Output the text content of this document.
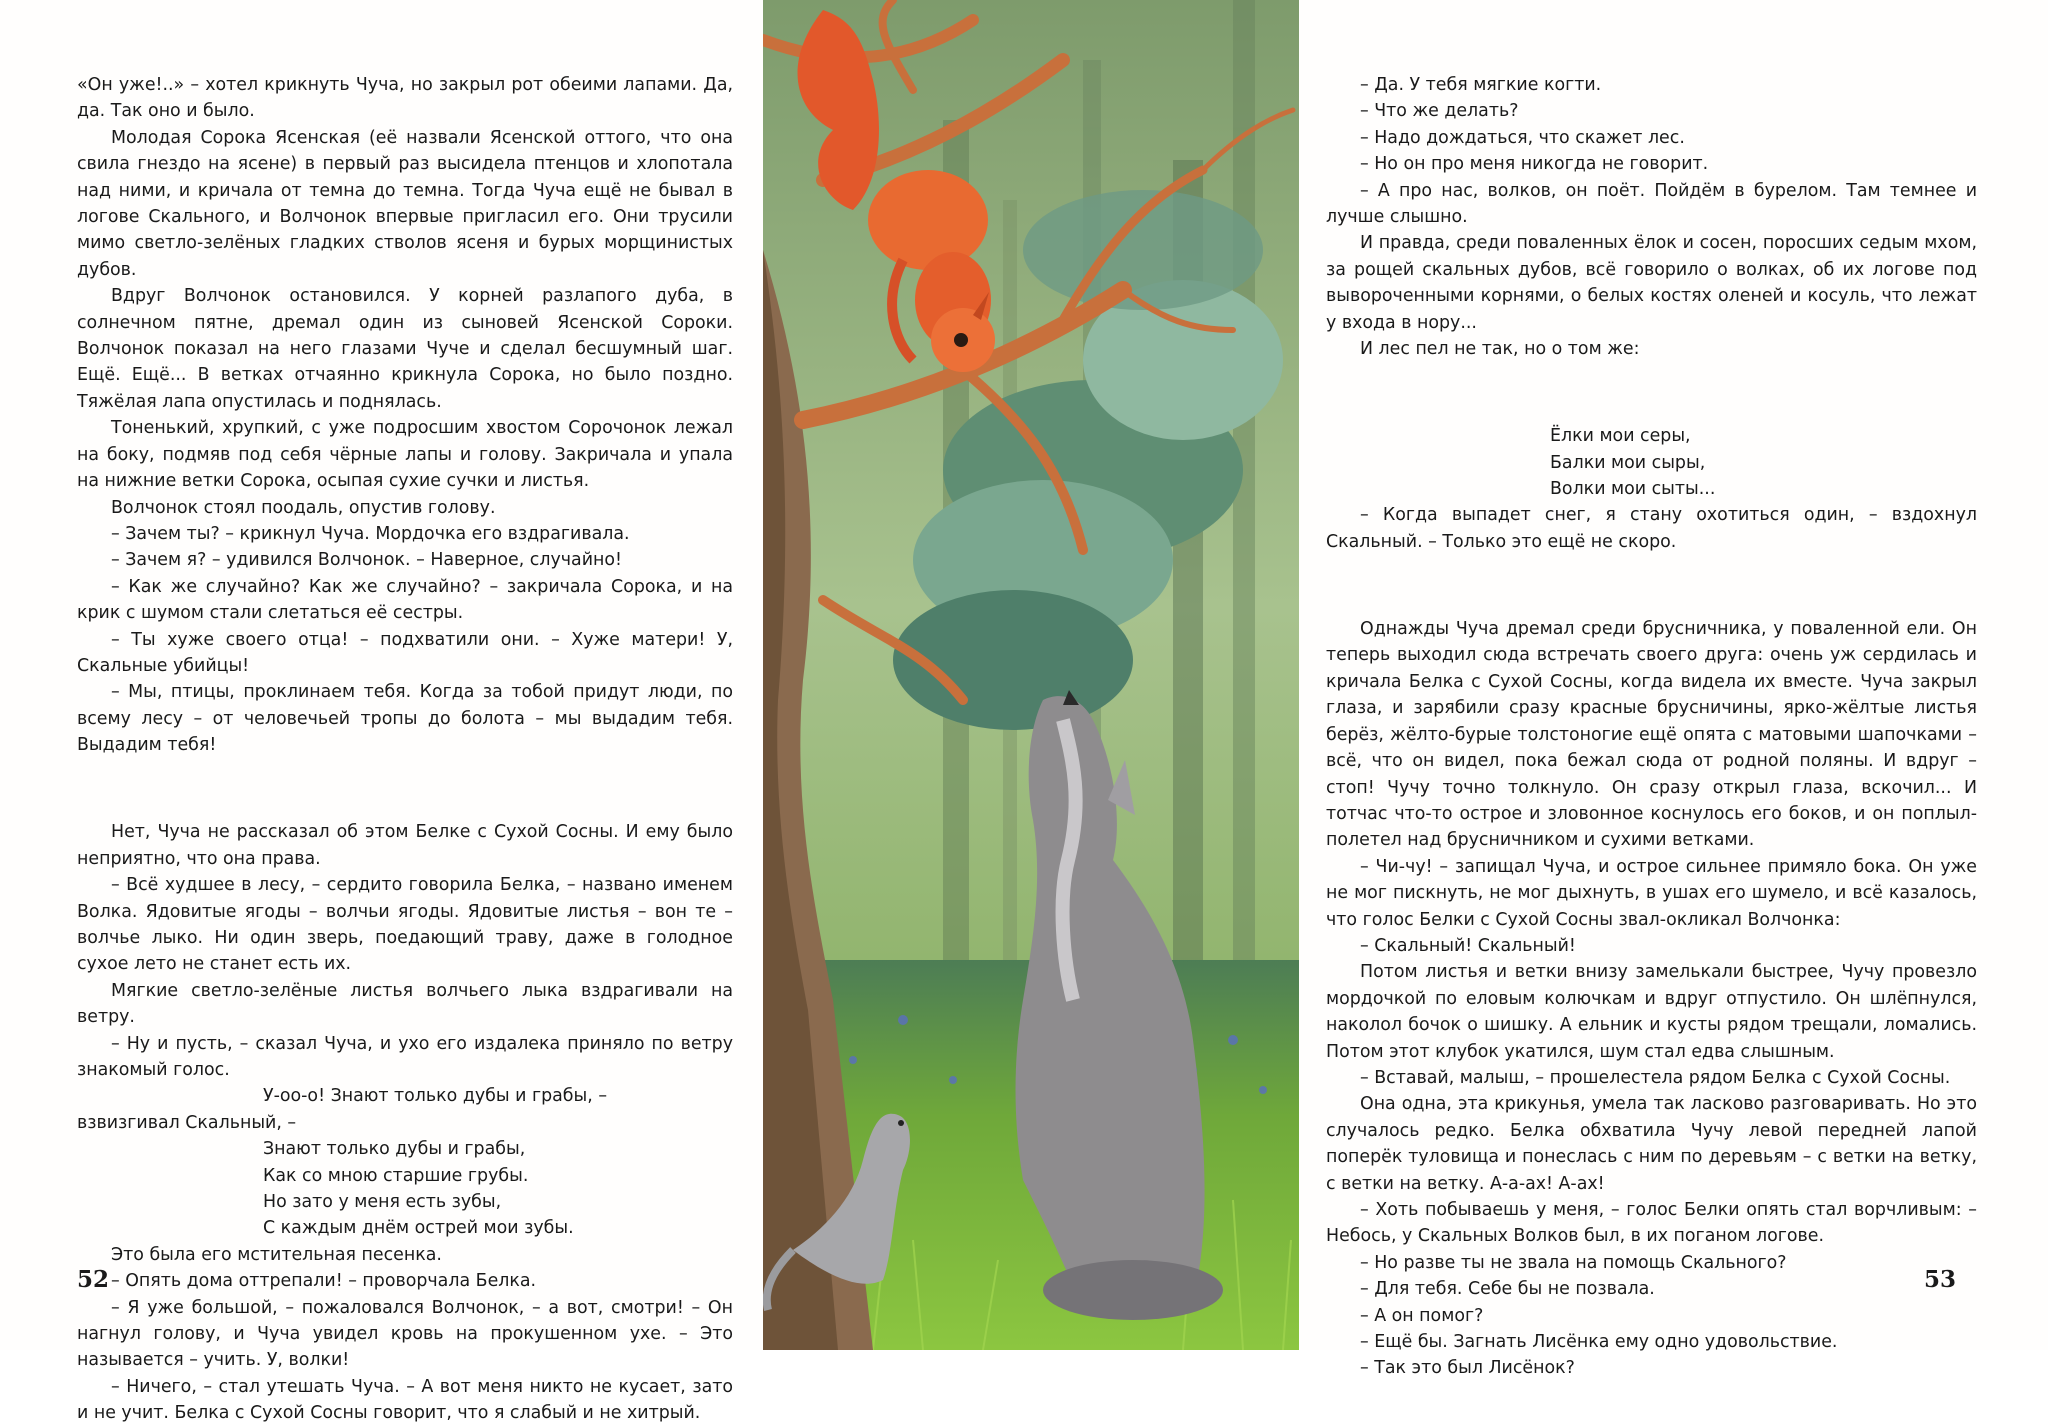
«Он уже!..» – хотел крикнуть Чуча, но закрыл рот обеими лапами. Да, да. Так оно и было.

Молодая Сорока Ясенская (её назвали Ясенской оттого, что она свила гнездо на ясене) в первый раз высидела птенцов и хлопотала над ними, и кричала от темна до темна. Тогда Чуча ещё не бывал в логове Скального, и Волчонок впервые пригласил его. Они трусили мимо светло-зелёных гладких стволов ясеня и бурых морщинистых дубов.

Вдруг Волчонок остановился. У корней разлапого дуба, в солнечном пятне, дремал один из сыновей Ясенской Сороки. Волчонок показал на него глазами Чуче и сделал бесшумный шаг. Ещё. Ещё... В ветках отчаянно крикнула Сорока, но было поздно. Тяжёлая лапа опустилась и поднялась.

Тоненький, хрупкий, с уже подросшим хвостом Сорочонок лежал на боку, подмяв под себя чёрные лапы и голову. Закричала и упала на нижние ветки Сорока, осыпая сухие сучки и листья.

Волчонок стоял поодаль, опустив голову.

– Зачем ты? – крикнул Чуча. Мордочка его вздрагивала.

– Зачем я? – удивился Волчонок. – Наверное, случайно!

– Как же случайно? Как же случайно? – закричала Сорока, и на крик с шумом стали слетаться её сестры.

– Ты хуже своего отца! – подхватили они. – Хуже матери! У, Скальные убийцы!

– Мы, птицы, проклинаем тебя. Когда за тобой придут люди, по всему лесу – от человечьей тропы до болота – мы выдадим тебя. Выдадим тебя!

Нет, Чуча не рассказал об этом Белке с Сухой Сосны. И ему было неприятно, что она права.

– Всё худшее в лесу, – сердито говорила Белка, – названо именем Волка. Ядовитые ягоды – волчьи ягоды. Ядовитые листья – вон те – волчье лыко. Ни один зверь, поедающий траву, даже в голодное сухое лето не станет есть их.

Мягкие светло-зелёные листья волчьего лыка вздрагивали на ветру.

– Ну и пусть, – сказал Чуча, и ухо его издалека приняло по ветру знакомый голос.

У-оо-о! Знают только дубы и грабы, –

взвизгивал Скальный, –

Знают только дубы и грабы,

Как со мною старшие грубы.

Но зато у меня есть зубы,

С каждым днём острей мои зубы.

Это была его мстительная песенка.

– Опять дома оттрепали! – проворчала Белка.

– Я уже большой, – пожаловался Волчонок, – а вот, смотри! – Он нагнул голову, и Чуча увидел кровь на прокушенном ухе. – Это называется – учить. У, волки!

– Ничего, – стал утешать Чуча. – А вот меня никто не кусает, зато и не учит. Белка с Сухой Сосны говорит, что я слабый и не хитрый.

52

– Да. У тебя мягкие когти.

– Что же делать?

– Надо дождаться, что скажет лес.

– Но он про меня никогда не говорит.

– А про нас, волков, он поёт. Пойдём в бурелом. Там темнее и лучше слышно.

И правда, среди поваленных ёлок и сосен, поросших седым мхом, за рощей скальных дубов, всё говорило о волках, об их логове под вывороченными корнями, о белых костях оленей и косуль, что лежат у входа в нору...

И лес пел не так, но о том же:

Ёлки мои серы,

Балки мои сыры,

Волки мои сыты...

– Когда выпадет снег, я стану охотиться один, – вздохнул Скальный. – Только это ещё не скоро.

Однажды Чуча дремал среди брусничника, у поваленной ели. Он теперь выходил сюда встречать своего друга: очень уж сердилась и кричала Белка с Сухой Сосны, когда видела их вместе. Чуча закрыл глаза, и зарябили сразу красные брусничины, ярко-жёлтые листья берёз, жёлто-бурые толстоногие ещё опята с матовыми шапочками – всё, что он видел, пока бежал сюда от родной поляны. И вдруг – стоп! Чучу точно толкнуло. Он сразу открыл глаза, вскочил... И тотчас что-то острое и зловонное коснулось его боков, и он поплыл-полетел над брусничником и сухими ветками.

– Чи-чу! – запищал Чуча, и острое сильнее примяло бока. Он уже не мог пискнуть, не мог дыхнуть, в ушах его шумело, и всё казалось, что голос Белки с Сухой Сосны звал-окликал Волчонка:

– Скальный! Скальный!

Потом листья и ветки внизу замелькали быстрее, Чучу провезло мордочкой по еловым колючкам и вдруг отпустило. Он шлёпнулся, наколол бочок о шишку. А ельник и кусты рядом трещали, ломались. Потом этот клубок укатился, шум стал едва слышным.

– Вставай, малыш, – прошелестела рядом Белка с Сухой Сосны.

Она одна, эта крикунья, умела так ласково разговаривать. Но это случалось редко. Белка обхватила Чучу левой передней лапой поперёк туловища и понеслась с ним по деревьям – с ветки на ветку, с ветки на ветку. А-а-ах! А-ах!

– Хоть побываешь у меня, – голос Белки опять стал ворчливым: – Небось, у Скальных Волков был, в их поганом логове.

– Но разве ты не звала на помощь Скального?

– Для тебя. Себе бы не позвала.

– А он помог?

– Ещё бы. Загнать Лисёнка ему одно удовольствие.

– Так это был Лисёнок?

53
